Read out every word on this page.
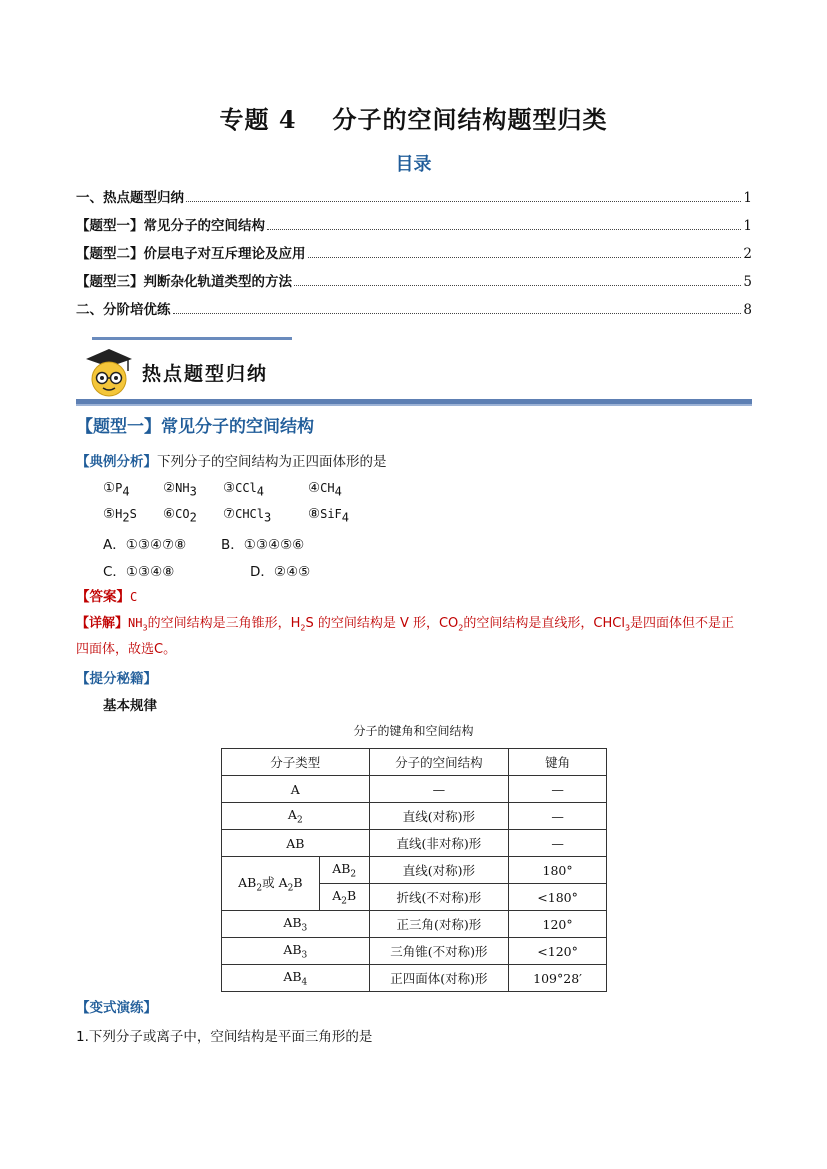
专题 4 分子的空间结构题型归类
目录
一、热点题型归纳	1
【题型一】常见分子的空间结构	1
【题型二】价层电子对互斥理论及应用	2
【题型三】判断杂化轨道类型的方法	5
二、分阶培优练	8
热点题型归纳
【题型一】常见分子的空间结构
【典例分析】下列分子的空间结构为正四面体形的是
$①P_4$ $②NH_3$ ③CCl$_4$	$④CH_4$
$⑤H_2S$ $⑥CO_2$ ⑦CHCl$_3$	⑧SiF$_4$
A．①③④⑦⑧	B．①③④⑤⑥
C．①③④⑧	D．②④⑤
【答案】C
【详解】$NH_3$的空间结构是三角锥形，$H_2S$ 的空间结构是 V 形，$CO_2$的空间结构是直线形，CHCl$_3$是四面体但不是正
四面体，故选C。
【提分秘籍】
基本规律
分子的键角和空间结构
分子类型		分子的空间结构	键角
A		—	—
$A_2$		直线(对称)形	—
AB		直线(非对称)形	—
$AB_2$或 $A_2B$	$AB_2$	直线(对称)形	180°
	$A_2B$	折线(不对称)形	<180°
$AB_3$		正三角(对称)形	120°
$AB_3$		三角锥(不对称)形	<120°
$AB_4$		正四面体(对称)形	109°28′
【变式演练】
1.下列分子或离子中，空间结构是平面三角形的是
